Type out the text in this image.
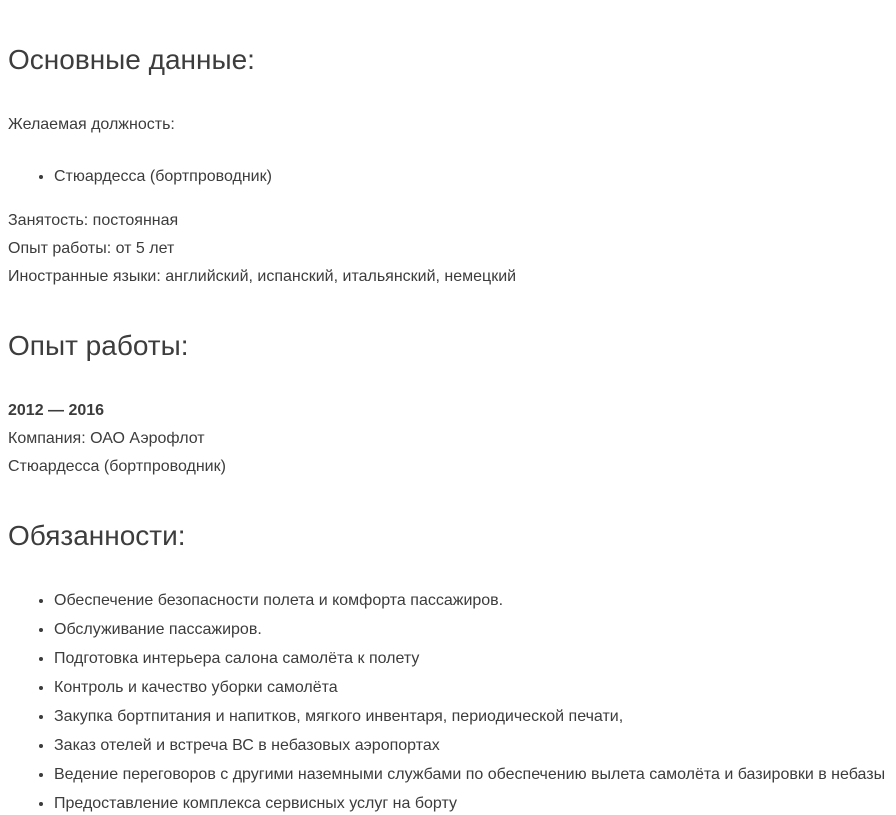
Основные данные:

Желаемая должность:

• Стюардесса (бортпроводник)

Занятость: постоянная

Опыт работы: от 5 лет

Иностранные языки: английский, испанский, итальянский, немецкий

Опыт работы:

2012 — 2016

Компания: ОАО Аэрофлот

Стюардесса (бортпроводник)

Обязанности:
• Обеспечение безопасности полета и комфорта пассажиров.
• Обслуживание пассажиров.
• Подготовка интерьера салона самолёта к полету
• Контроль и качество уборки самолёта
• Закупка бортпитания и напитков, мягкого инвентаря, периодической печати,
• Заказ отелей и встреча ВС в небазовых аэропортах
• Ведение переговоров с другими наземными службами по обеспечению вылета самолёта и базировки в небазы
• Предоставление комплекса сервисных услуг на борту
